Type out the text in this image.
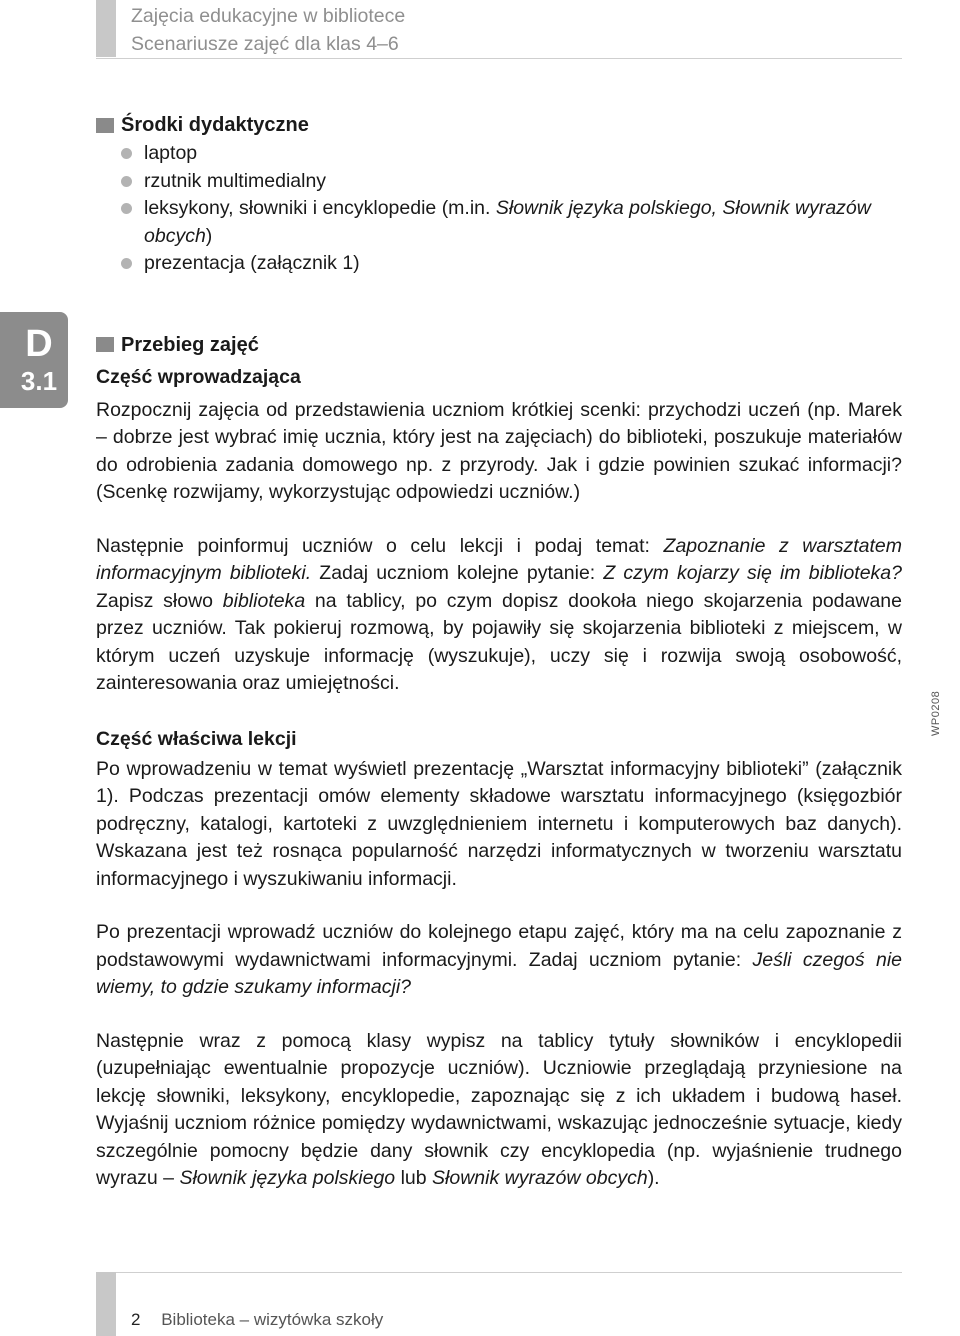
Zajęcia edukacyjne w bibliotece
Scenariusze zajęć dla klas 4–6
D
3.1
WP0208
Środki dydaktyczne
laptop
rzutnik multimedialny
leksykony, słowniki i encyklopedie (m.in. Słownik języka polskiego, Słownik wyrazów obcych)
prezentacja (załącznik 1)
Przebieg zajęć
Część wprowadzająca

Rozpocznij zajęcia od przedstawienia uczniom krótkiej scenki: przychodzi uczeń (np. Marek – dobrze jest wybrać imię ucznia, który jest na zajęciach) do biblioteki, poszukuje materiałów do odrobienia zadania domowego np. z przyrody. Jak i gdzie powinien szukać informacji? (Scenkę rozwijamy, wykorzystując odpowiedzi uczniów.)

Następnie poinformuj uczniów o celu lekcji i podaj temat: Zapoznanie z warsztatem informacyjnym biblioteki. Zadaj uczniom kolejne pytanie: Z czym kojarzy się im biblioteka? Zapisz słowo biblioteka na tablicy, po czym dopisz dookoła niego skojarzenia podawane przez uczniów. Tak pokieruj rozmową, by pojawiły się skojarzenia biblioteki z miejscem, w którym uczeń uzyskuje informację (wyszukuje), uczy się i rozwija swoją osobowość, zainteresowania oraz umiejętności.

Część właściwa lekcji

Po wprowadzeniu w temat wyświetl prezentację „Warsztat informacyjny biblioteki” (załącznik 1). Podczas prezentacji omów elementy składowe warsztatu informacyjnego (księgozbiór podręczny, katalogi, kartoteki z uwzględnieniem internetu i komputerowych baz danych). Wskazana jest też rosnąca popularność narzędzi informatycznych w tworzeniu warsztatu informacyjnego i wyszukiwaniu informacji.

Po prezentacji wprowadź uczniów do kolejnego etapu zajęć, który ma na celu zapoznanie z podstawowymi wydawnictwami informacyjnymi. Zadaj uczniom pytanie: Jeśli czegoś nie wiemy, to gdzie szukamy informacji?

Następnie wraz z pomocą klasy wypisz na tablicy tytuły słowników i encyklopedii (uzupełniając ewentualnie propozycje uczniów). Uczniowie przeglądają przyniesione na lekcję słowniki, leksykony, encyklopedie, zapoznając się z ich układem i budową haseł. Wyjaśnij uczniom różnice pomiędzy wydawnictwami, wskazując jednocześnie sytuacje, kiedy szczególnie pomocny będzie dany słownik czy encyklopedia (np. wyjaśnienie trudnego wyrazu – Słownik języka polskiego lub Słownik wyrazów obcych).

2 Biblioteka – wizytówka szkoły
